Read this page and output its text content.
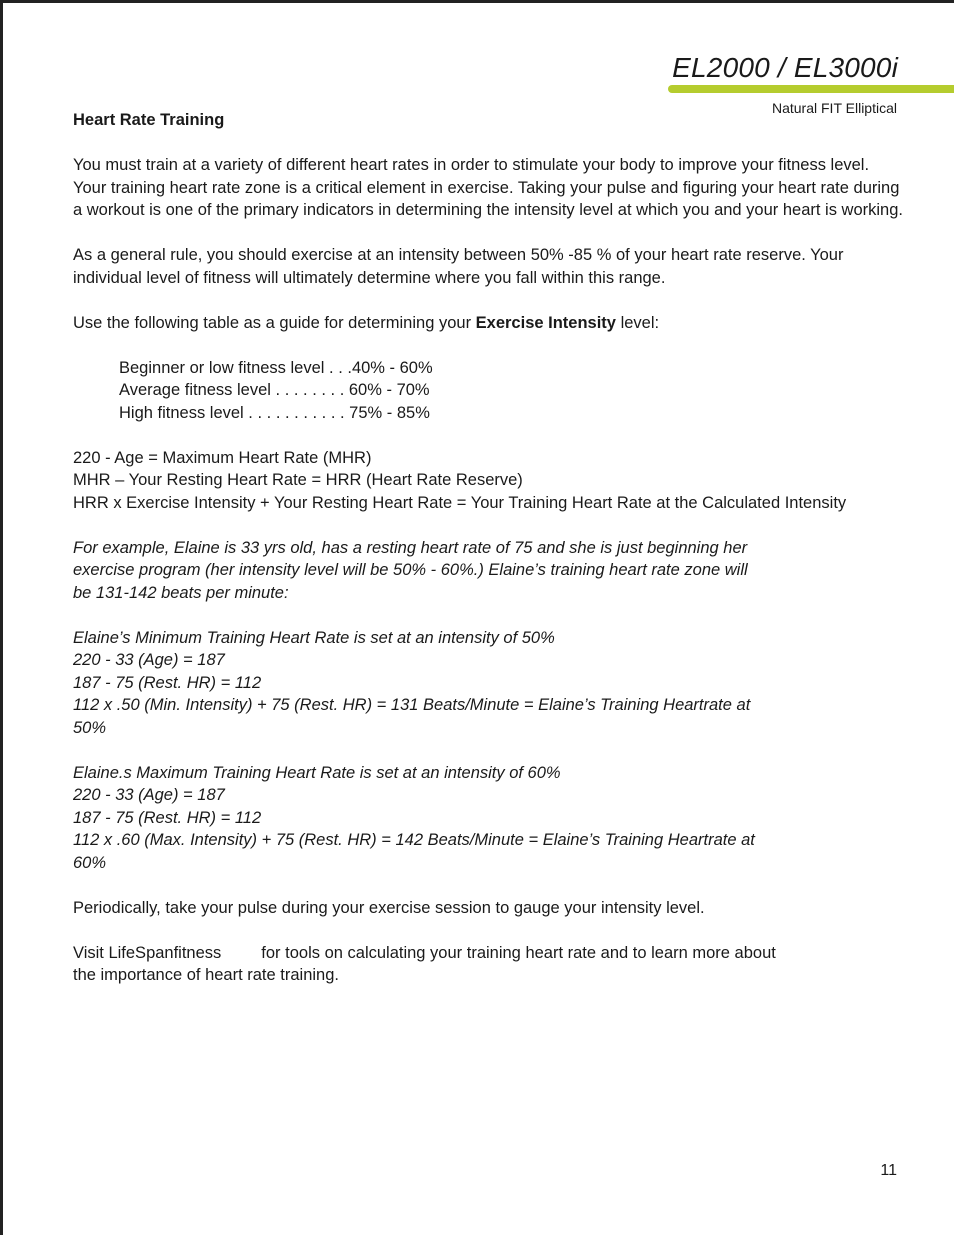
EL2000 / EL3000i
Natural FIT Elliptical

Heart Rate Training

You must train at a variety of different heart rates in order to stimulate your body to improve your fitness level. Your training heart rate zone is a critical element in exercise. Taking your pulse and figuring your heart rate during a workout is one of the primary indicators in determining the intensity level at which you and your heart is working.

As a general rule, you should exercise at an intensity between 50% -85 % of your heart rate reserve. Your individual level of fitness will ultimately determine where you fall within this range.

Use the following table as a guide for determining your Exercise Intensity level:

Beginner or low fitness level . . .40% - 60%
Average fitness level . . . . . . . . 60% - 70%
High fitness level . . . . . . . . . . . 75% - 85%

220 - Age = Maximum Heart Rate (MHR)
MHR – Your Resting Heart Rate = HRR (Heart Rate Reserve)
HRR x Exercise Intensity + Your Resting Heart Rate = Your Training Heart Rate at the Calculated Intensity

For example, Elaine is 33 yrs old, has a resting heart rate of 75 and she is just beginning her
exercise program (her intensity level will be 50% - 60%.) Elaine’s training heart rate zone will
be 131-142 beats per minute:

Elaine’s Minimum Training Heart Rate is set at an intensity of 50%
220 - 33 (Age) = 187
187 - 75 (Rest. HR) = 112
112 x .50 (Min. Intensity) + 75 (Rest. HR) = 131 Beats/Minute = Elaine’s Training Heartrate at
50%

Elaine.s Maximum Training Heart Rate is set at an intensity of 60%
220 - 33 (Age) = 187
187 - 75 (Rest. HR) = 112
112 x .60 (Max. Intensity) + 75 (Rest. HR) = 142 Beats/Minute = Elaine’s Training Heartrate at
60%

Periodically, take your pulse during your exercise session to gauge your intensity level.

Visit LifeSpanfitness for tools on calculating your training heart rate and to learn more about
the importance of heart rate training.

11
